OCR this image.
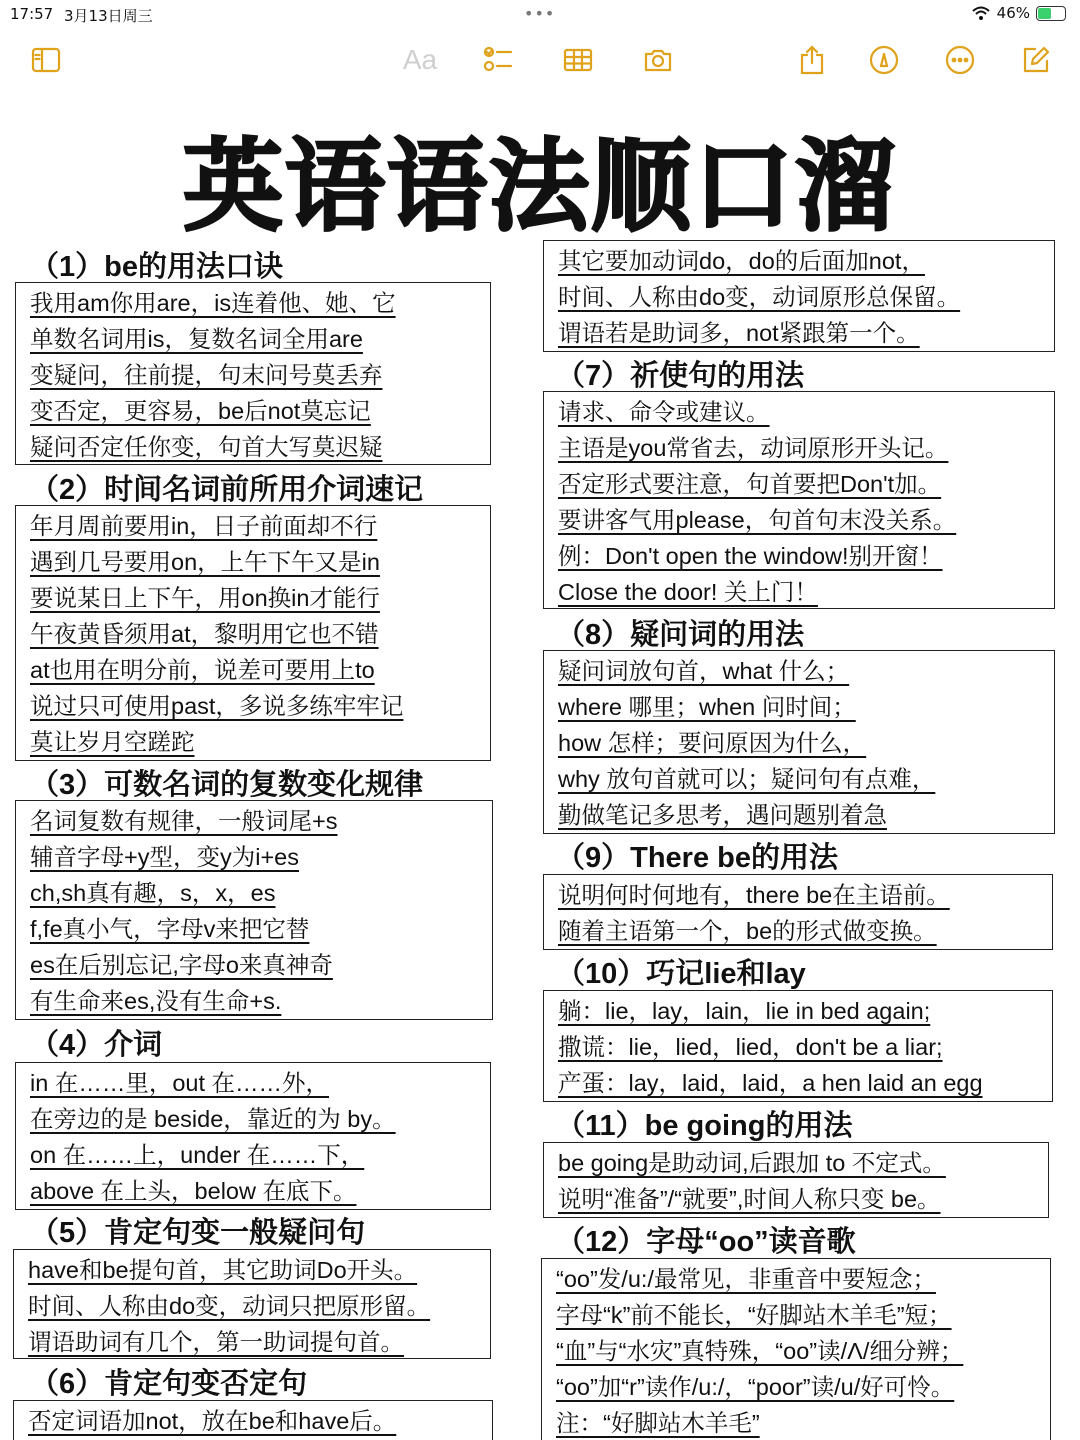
17:57 3月13日周三	•••	46%
Aa
英语语法顺口溜
（1）be的用法口诀
我用am你用are，is连着他、她、它
单数名词用is，复数名词全用are
变疑问，往前提，句末问号莫丢弃
变否定，更容易，be后not莫忘记
疑问否定任你变，句首大写莫迟疑
（2）时间名词前所用介词速记
年月周前要用in，日子前面却不行
遇到几号要用on，上午下午又是in
要说某日上下午，用on换in才能行
午夜黄昏须用at，黎明用它也不错
at也用在明分前，说差可要用上to
说过只可使用past，多说多练牢牢记
莫让岁月空蹉跎
（3）可数名词的复数变化规律
名词复数有规律，一般词尾+s
辅音字母+y型，变y为i+es
ch,sh真有趣，s，x，es
f,fe真小气，字母v来把它替
es在后别忘记,字母o来真神奇
有生命来es,没有生命+s.
（4）介词
in 在……里，out 在……外，
在旁边的是 beside，靠近的为 by。
on 在……上，under 在……下，
above 在上头，below 在底下。
（5）肯定句变一般疑问句
have和be提句首，其它助词Do开头。
时间、人称由do变，动词只把原形留。
谓语助词有几个，第一助词提句首。
（6）肯定句变否定句
否定词语加not，放在be和have后。
其它要加动词do，do的后面加not，
时间、人称由do变，动词原形总保留。
谓语若是助词多，not紧跟第一个。
（7）祈使句的用法
请求、命令或建议。
主语是you常省去，动词原形开头记。
否定形式要注意，句首要把Don't加。
要讲客气用please，句首句末没关系。
例：Don't open the window!别开窗！
Close the door! 关上门！
（8）疑问词的用法
疑问词放句首，what 什么；
where 哪里；when 问时间；
how 怎样；要问原因为什么，
why 放句首就可以；疑问句有点难，
勤做笔记多思考，遇问题别着急
（9）There be的用法
说明何时何地有，there be在主语前。
随着主语第一个，be的形式做变换。
（10）巧记lie和lay
躺：lie，lay，lain，lie in bed again;
撒谎：lie，lied，lied，don't be a liar;
产蛋：lay，laid，laid，a hen laid an egg
（11）be going的用法
be going是助动词,后跟加 to 不定式。
说明“准备”/“就要”,时间人称只变 be。
（12）字母“oo”读音歌
“oo”发/u:/最常见，非重音中要短念；
字母“k”前不能长，“好脚站木羊毛”短；
“血”与“水灾”真特殊，“oo”读/Λ/细分辨；
“oo”加“r”读作/u:/，“poor”读/u/好可怜。
注：“好脚站木羊毛”
